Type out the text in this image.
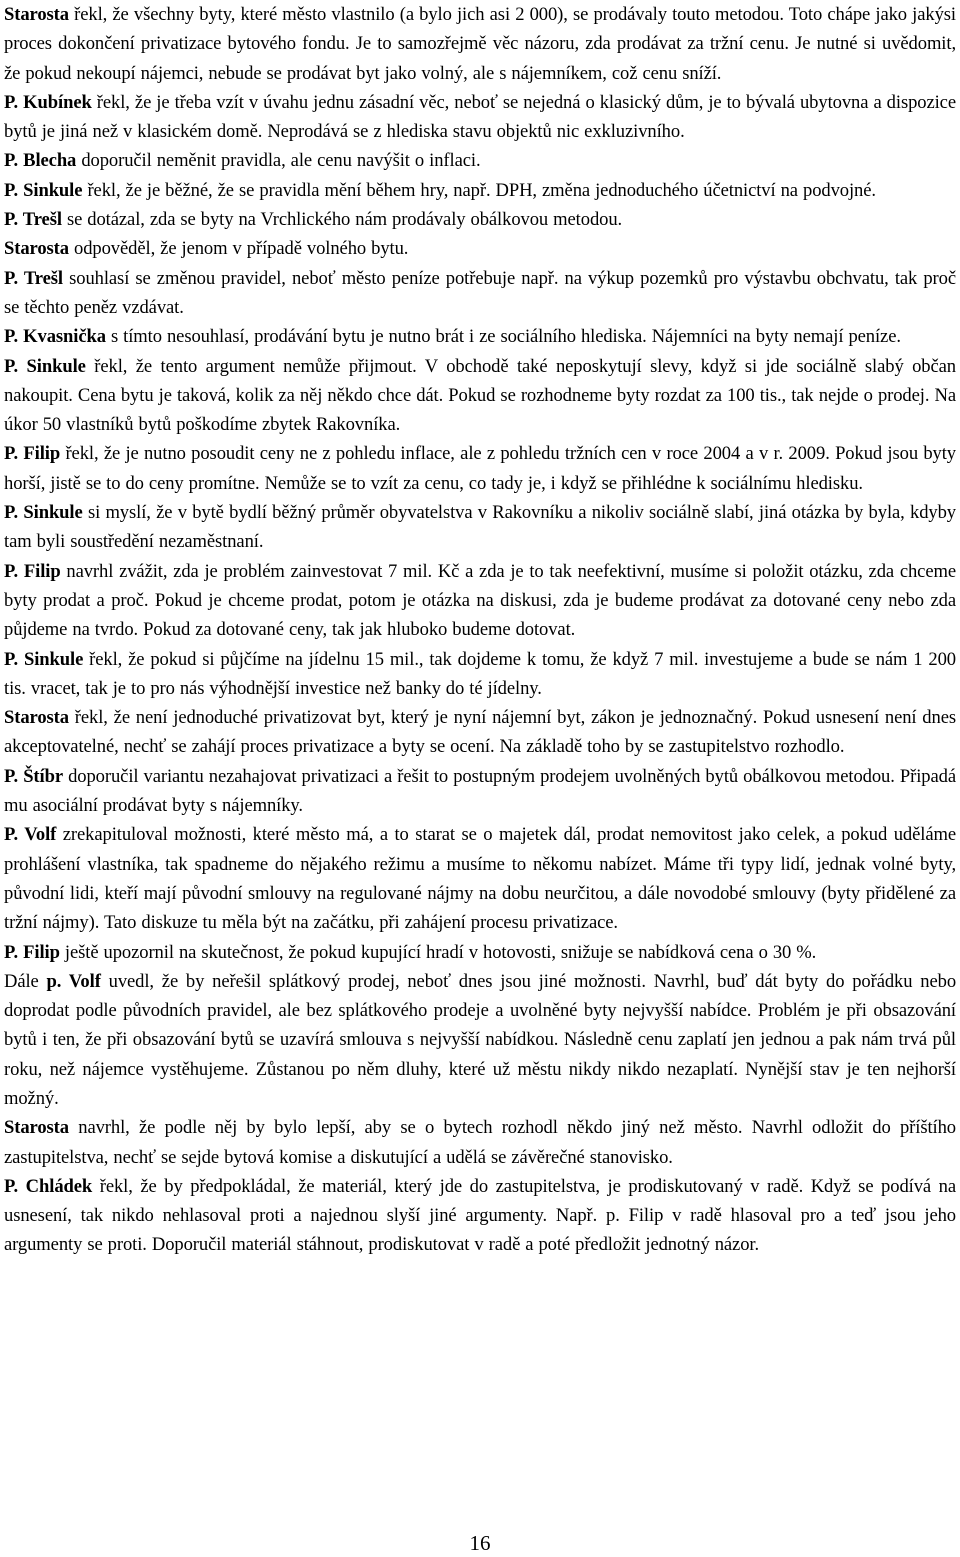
Starosta řekl, že všechny byty, které město vlastnilo (a bylo jich asi 2 000), se prodávaly touto metodou. Toto chápe jako jakýsi proces dokončení privatizace bytového fondu. Je to samozřejmě věc názoru, zda prodávat za tržní cenu. Je nutné si uvědomit, že pokud nekoupí nájemci, nebude se prodávat byt jako volný, ale s nájemníkem, což cenu sníží.

P. Kubínek řekl, že je třeba vzít v úvahu jednu zásadní věc, neboť se nejedná o klasický dům, je to bývalá ubytovna a dispozice bytů je jiná než v klasickém domě. Neprodává se z hlediska stavu objektů nic exkluzivního.

P. Blecha doporučil neměnit pravidla, ale cenu navýšit o inflaci.

P. Sinkule řekl, že je běžné, že se pravidla mění během hry, např. DPH, změna jednoduchého účetnictví na podvojné.

P. Trešl se dotázal, zda se byty na Vrchlického nám prodávaly obálkovou metodou.

Starosta odpověděl, že jenom v případě volného bytu.

P. Trešl souhlasí se změnou pravidel, neboť město peníze potřebuje např. na výkup pozemků pro výstavbu obchvatu, tak proč se těchto peněz vzdávat.

P. Kvasnička s tímto nesouhlasí, prodávání bytu je nutno brát i ze sociálního hlediska. Nájemníci na byty nemají peníze.

P. Sinkule řekl, že tento argument nemůže přijmout. V obchodě také neposkytují slevy, když si jde sociálně slabý občan nakoupit. Cena bytu je taková, kolik za něj někdo chce dát. Pokud se rozhodneme byty rozdat za 100 tis., tak nejde o prodej. Na úkor 50 vlastníků bytů poškodíme zbytek Rakovníka.

P. Filip řekl, že je nutno posoudit ceny ne z pohledu inflace, ale z pohledu tržních cen v roce 2004 a v r. 2009. Pokud jsou byty horší, jistě se to do ceny promítne. Nemůže se to vzít za cenu, co tady je, i když se přihlédne k sociálnímu hledisku.

P. Sinkule si myslí, že v bytě bydlí běžný průměr obyvatelstva v Rakovníku a nikoliv sociálně slabí, jiná otázka by byla, kdyby tam byli soustředění nezaměstnaní.

P. Filip navrhl zvážit, zda je problém zainvestovat 7 mil. Kč a zda je to tak neefektivní, musíme si položit otázku, zda chceme byty prodat a proč. Pokud je chceme prodat, potom je otázka na diskusi, zda je budeme prodávat za dotované ceny nebo zda půjdeme na tvrdo. Pokud za dotované ceny, tak jak hluboko budeme dotovat.

P. Sinkule řekl, že pokud si půjčíme na jídelnu 15 mil., tak dojdeme k tomu, že když 7 mil. investujeme a bude se nám 1 200 tis. vracet, tak je to pro nás výhodnější investice než banky do té jídelny.

Starosta řekl, že není jednoduché privatizovat byt, který je nyní nájemní byt, zákon je jednoznačný. Pokud usnesení není dnes akceptovatelné, nechť se zahájí proces privatizace a byty se ocení. Na základě toho by se zastupitelstvo rozhodlo.

P. Štíbr doporučil variantu nezahajovat privatizaci a řešit to postupným prodejem uvolněných bytů obálkovou metodou. Připadá mu asociální prodávat byty s nájemníky.

P. Volf zrekapituloval možnosti, které město má, a to starat se o majetek dál, prodat nemovitost jako celek, a pokud uděláme prohlášení vlastníka, tak spadneme do nějakého režimu a musíme to někomu nabízet. Máme tři typy lidí, jednak volné byty, původní lidi, kteří mají původní smlouvy na regulované nájmy na dobu neurčitou, a dále novodobé smlouvy (byty přidělené za tržní nájmy). Tato diskuze tu měla být na začátku, při zahájení procesu privatizace.

P. Filip ještě upozornil na skutečnost, že pokud kupující hradí v hotovosti, snižuje se nabídková cena o 30 %.

Dále p. Volf uvedl, že by neřešil splátkový prodej, neboť dnes jsou jiné možnosti. Navrhl, buď dát byty do pořádku nebo doprodat podle původních pravidel, ale bez splátkového prodeje a uvolněné byty nejvyšší nabídce. Problém je při obsazování bytů i ten, že při obsazování bytů se uzavírá smlouva s nejvyšší nabídkou. Následně cenu zaplatí jen jednou a pak nám trvá půl roku, než nájemce vystěhujeme. Zůstanou po něm dluhy, které už městu nikdy nikdo nezaplatí. Nynější stav je ten nejhorší možný.

Starosta navrhl, že podle něj by bylo lepší, aby se o bytech rozhodl někdo jiný než město. Navrhl odložit do příštího zastupitelstva, nechť se sejde bytová komise a diskutující a udělá se závěrečné stanovisko.

P. Chládek řekl, že by předpokládal, že materiál, který jde do zastupitelstva, je prodiskutovaný v radě. Když se podívá na usnesení, tak nikdo nehlasoval proti a najednou slyší jiné argumenty. Např. p. Filip v radě hlasoval pro a teď jsou jeho argumenty se proti. Doporučil materiál stáhnout, prodiskutovat v radě a poté předložit jednotný názor.

16
